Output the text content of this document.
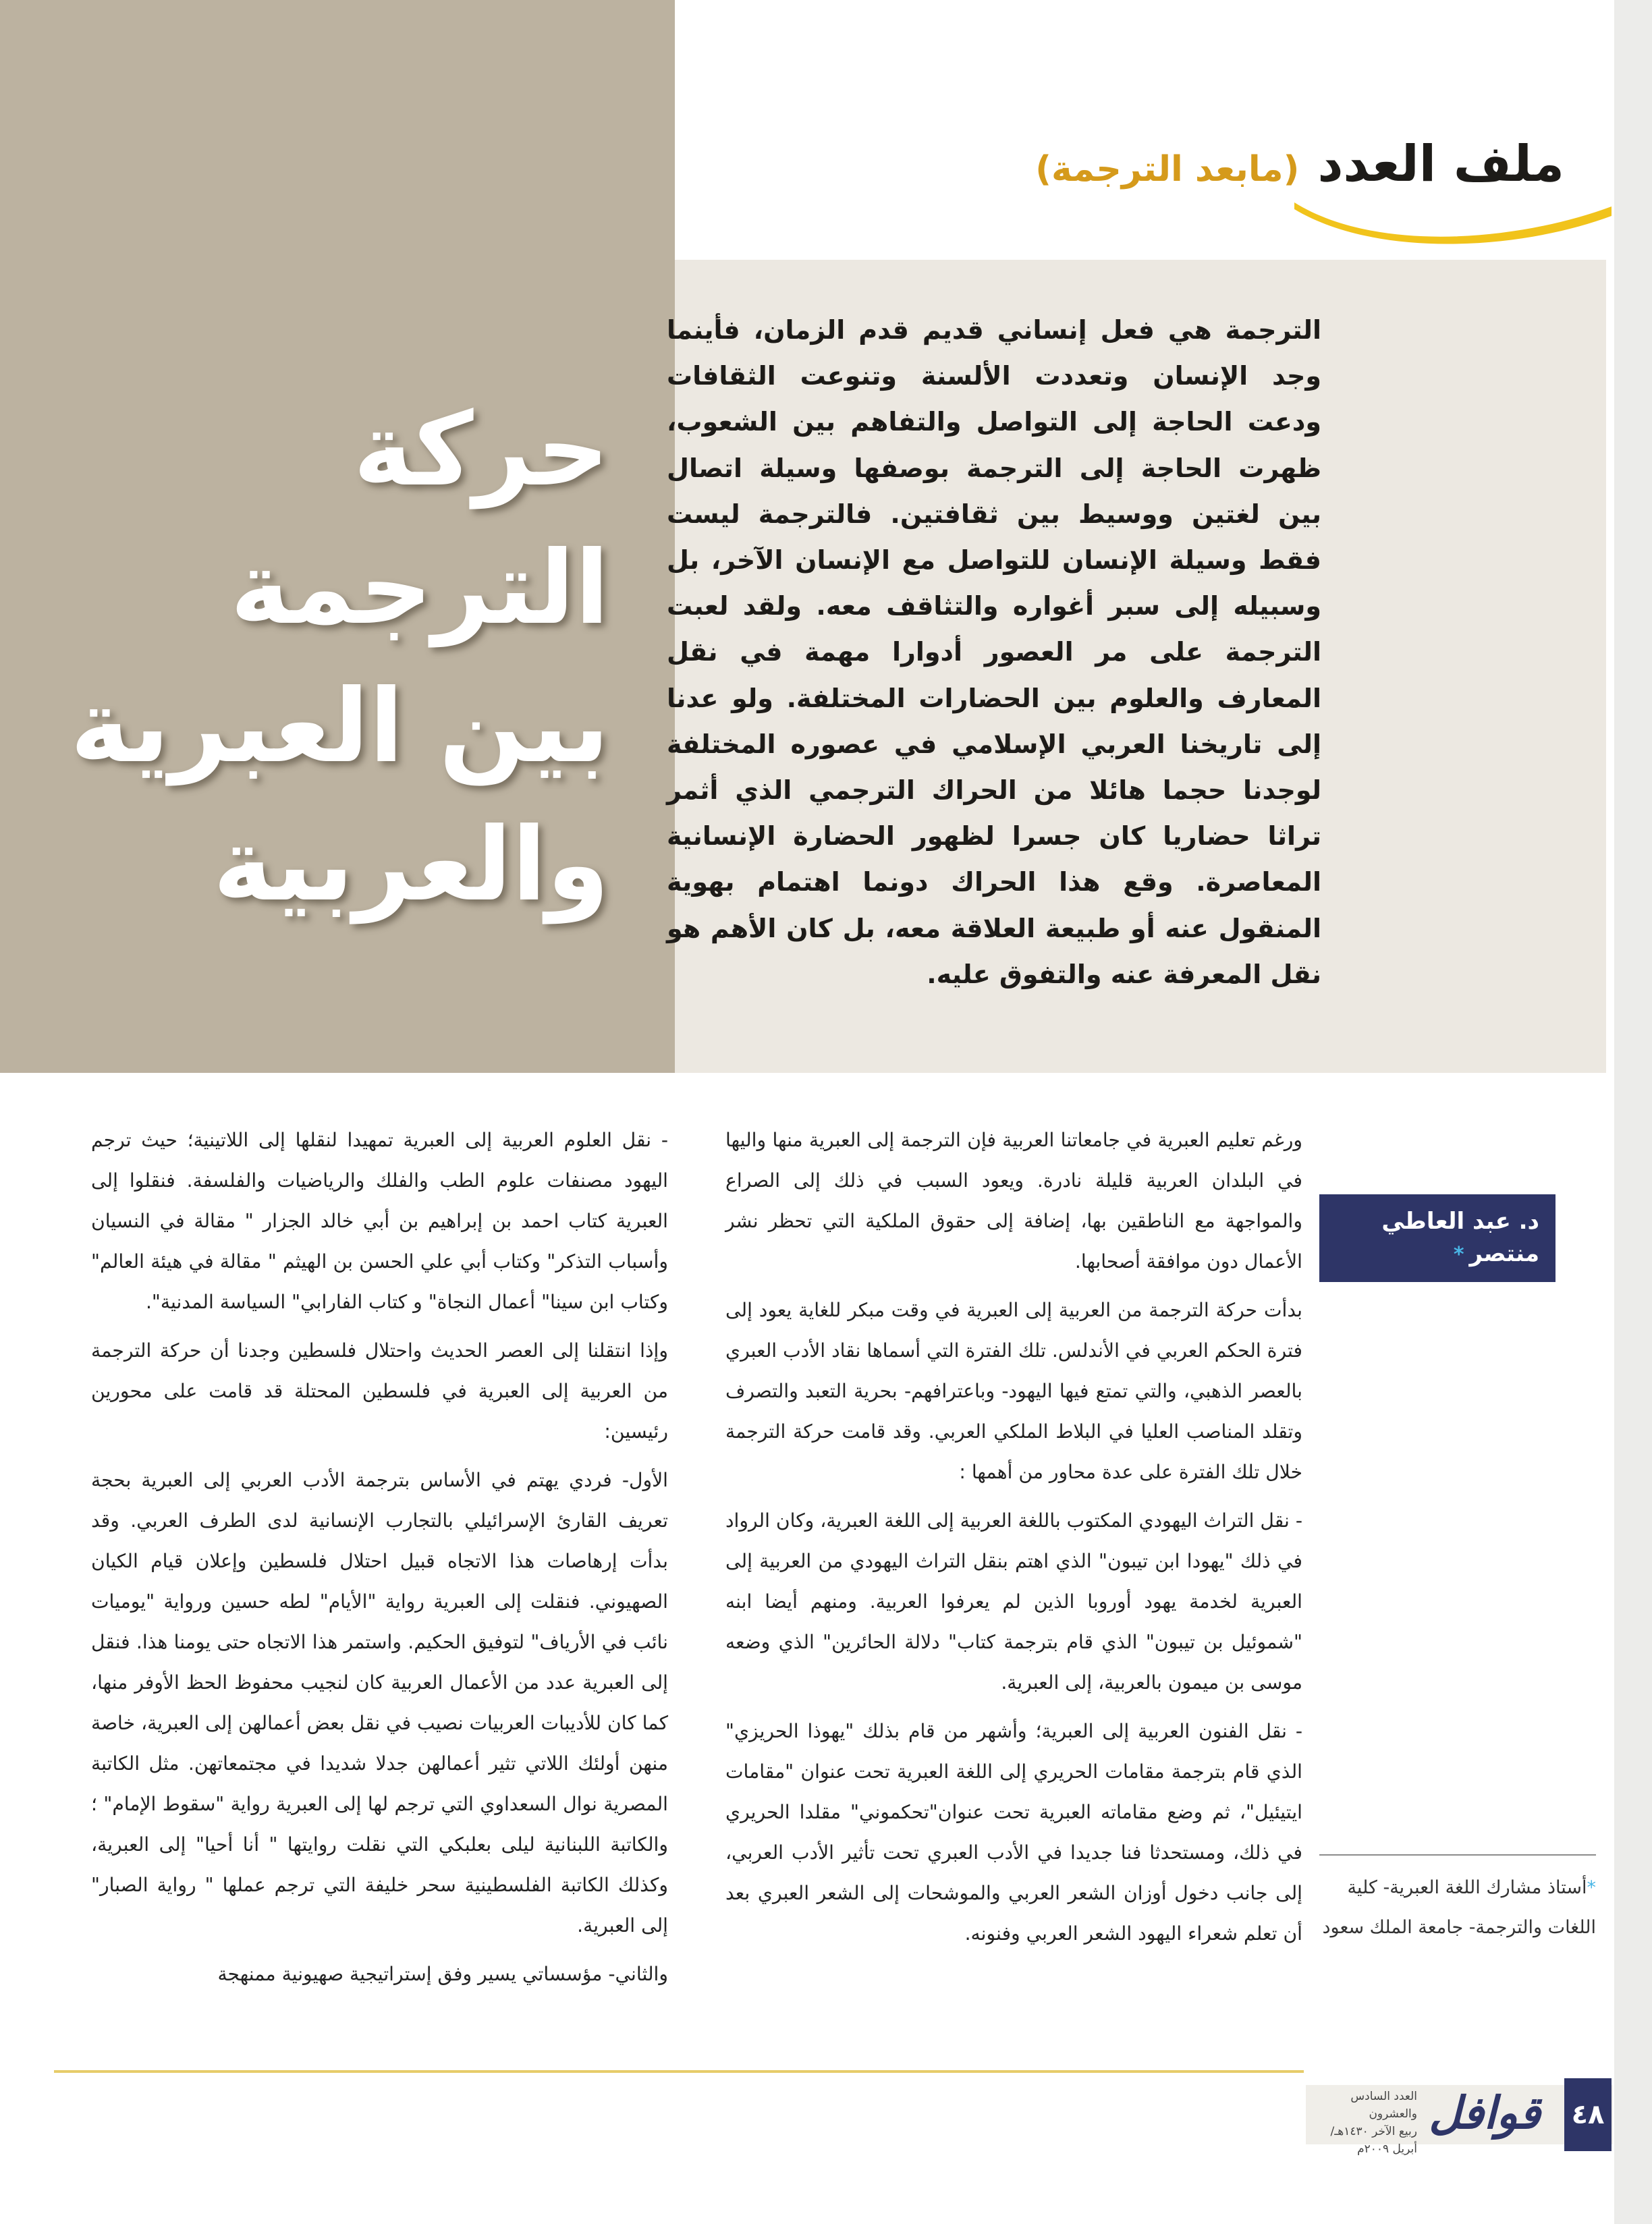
ملف العدد (مابعد الترجمة)
حركة
الترجمة
بين العبرية
والعربية
الترجمة هي فعل إنساني قديم قدم الزمان، فأينما وجد الإنسان وتعددت الألسنة وتنوعت الثقافات ودعت الحاجة إلى التواصل والتفاهم بين الشعوب، ظهرت الحاجة إلى الترجمة بوصفها وسيلة اتصال بين لغتين ووسيط بين ثقافتين. فالترجمة ليست فقط وسيلة الإنسان للتواصل مع الإنسان الآخر، بل وسبيله إلى سبر أغواره والتثاقف معه. ولقد لعبت الترجمة على مر العصور أدوارا مهمة في نقل المعارف والعلوم بين الحضارات المختلفة. ولو عدنا إلى تاريخنا العربي الإسلامي في عصوره المختلفة لوجدنا حجما هائلا من الحراك الترجمي الذي أثمر تراثا حضاريا كان جسرا لظهور الحضارة الإنسانية المعاصرة. وقع هذا الحراك دونما اهتمام بهوية المنقول عنه أو طبيعة العلاقة معه، بل كان الأهم هو نقل المعرفة عنه والتفوق عليه.
د. عبد العاطي
منتصر*

ورغم تعليم العبرية في جامعاتنا العربية فإن الترجمة إلى العبرية منها واليها في البلدان العربية قليلة نادرة. ويعود السبب في ذلك إلى الصراع والمواجهة مع الناطقين بها، إضافة إلى حقوق الملكية التي تحظر نشر الأعمال دون موافقة أصحابها.

بدأت حركة الترجمة من العربية إلى العبرية في وقت مبكر للغاية يعود إلى فترة الحكم العربي في الأندلس. تلك الفترة التي أسماها نقاد الأدب العبري بالعصر الذهبي، والتي تمتع فيها اليهود- وباعترافهم- بحرية التعبد والتصرف وتقلد المناصب العليا في البلاط الملكي العربي. وقد قامت حركة الترجمة خلال تلك الفترة على عدة محاور من أهمها :

- نقل التراث اليهودي المكتوب باللغة العربية إلى اللغة العبرية، وكان الرواد في ذلك "يهودا ابن تيبون" الذي اهتم بنقل التراث اليهودي من العربية إلى العبرية لخدمة يهود أوروبا الذين لم يعرفوا العربية. ومنهم أيضا ابنه "شموئيل بن تيبون" الذي قام بترجمة كتاب" دلالة الحائرين" الذي وضعه موسى بن ميمون بالعربية، إلى العبرية.

- نقل الفنون العربية إلى العبرية؛ وأشهر من قام بذلك "يهوذا الحريزي" الذي قام بترجمة مقامات الحريري إلى اللغة العبرية تحت عنوان "مقامات ايتيئيل"، ثم وضع مقاماته العبرية تحت عنوان"تحكموني" مقلدا الحريري في ذلك، ومستحدثا فنا جديدا في الأدب العبري تحت تأثير الأدب العربي، إلى جانب دخول أوزان الشعر العربي والموشحات إلى الشعر العبري بعد أن تعلم شعراء اليهود الشعر العربي وفنونه.

- نقل العلوم العربية إلى العبرية تمهيدا لنقلها إلى اللاتينية؛ حيث ترجم اليهود مصنفات علوم الطب والفلك والرياضيات والفلسفة. فنقلوا إلى العبرية كتاب احمد بن إبراهيم بن أبي خالد الجزار " مقالة في النسيان وأسباب التذكر" وكتاب أبي علي الحسن بن الهيثم " مقالة في هيئة العالم" وكتاب ابن سينا" أعمال النجاة" و كتاب الفارابي" السياسة المدنية".

وإذا انتقلنا إلى العصر الحديث واحتلال فلسطين وجدنا أن حركة الترجمة من العربية إلى العبرية في فلسطين المحتلة قد قامت على محورين رئيسين:

الأول- فردي يهتم في الأساس بترجمة الأدب العربي إلى العبرية بحجة تعريف القارئ الإسرائيلي بالتجارب الإنسانية لدى الطرف العربي. وقد بدأت إرهاصات هذا الاتجاه قبيل احتلال فلسطين وإعلان قيام الكيان الصهيوني. فنقلت إلى العبرية رواية "الأيام" لطه حسين ورواية "يوميات نائب في الأرياف" لتوفيق الحكيم. واستمر هذا الاتجاه حتى يومنا هذا. فنقل إلى العبرية عدد من الأعمال العربية كان لنجيب محفوظ الحظ الأوفر منها، كما كان للأديبات العربيات نصيب في نقل بعض أعمالهن إلى العبرية، خاصة منهن أولئك اللاتي تثير أعمالهن جدلا شديدا في مجتمعاتهن. مثل الكاتبة المصرية نوال السعداوي التي ترجم لها إلى العبرية رواية "سقوط الإمام" ؛ والكاتبة اللبنانية ليلى بعلبكي التي نقلت روايتها " أنا أحيا" إلى العبرية، وكذلك الكاتبة الفلسطينية سحر خليفة التي ترجم عملها " رواية الصبار" إلى العبرية.

والثاني- مؤسساتي يسير وفق إستراتيجية صهيونية ممنهجة

*أستاذ مشارك اللغة العبرية- كلية اللغات والترجمة- جامعة الملك سعود
٤٨
قوافل
العدد السادس والعشرون
ربيع الآخر ١٤٣٠هـ/ أبريل ٢٠٠٩م
